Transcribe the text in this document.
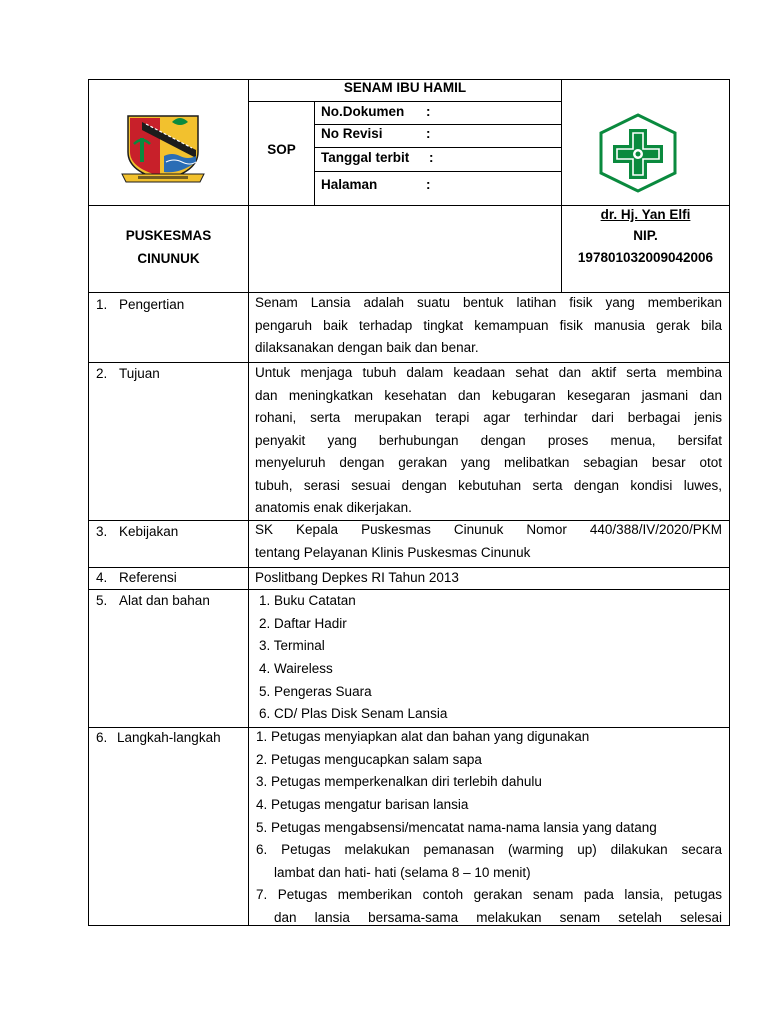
SENAM IBU HAMIL
SOP
No.Dokumen :
No Revisi	:
Tanggal terbit :
Halaman	:
PUSKESMAS
CINUNUK
dr. Hj. Yan Elfi
NIP.
197801032009042006
1. Pengertian	Senam Lansia adalah suatu bentuk latihan fisik yang memberikan
pengaruh baik terhadap tingkat kemampuan fisik manusia gerak bila
dilaksanakan dengan baik dan benar.
2. Tujuan	Untuk menjaga tubuh dalam keadaan sehat dan aktif serta membina
dan meningkatkan kesehatan dan kebugaran kesegaran jasmani dan
rohani, serta merupakan terapi agar terhindar dari berbagai jenis
penyakit yang berhubungan dengan proses menua, bersifat
menyeluruh dengan gerakan yang melibatkan sebagian besar otot
tubuh, serasi sesuai dengan kebutuhan serta dengan kondisi luwes,
anatomis enak dikerjakan.
3. Kebijakan	SK Kepala Puskesmas Cinunuk Nomor 440/388/IV/2020/PKM
tentang Pelayanan Klinis Puskesmas Cinunuk
4. Referensi	Poslitbang Depkes RI Tahun 2013
5. Alat dan bahan	1. Buku Catatan
2. Daftar Hadir
3. Terminal
4. Waireless
5. Pengeras Suara
6. CD/ Plas Disk Senam Lansia
6. Langkah-langkah	1. Petugas menyiapkan alat dan bahan yang digunakan
2. Petugas mengucapkan salam sapa
3. Petugas memperkenalkan diri terlebih dahulu
4. Petugas mengatur barisan lansia
5. Petugas mengabsensi/mencatat nama-nama lansia yang datang
6. Petugas melakukan pemanasan (warming up) dilakukan secara
lambat dan hati- hati (selama 8 – 10 menit)
7. Petugas memberikan contoh gerakan senam pada lansia, petugas
dan lansia bersama-sama melakukan senam setelah selesai
